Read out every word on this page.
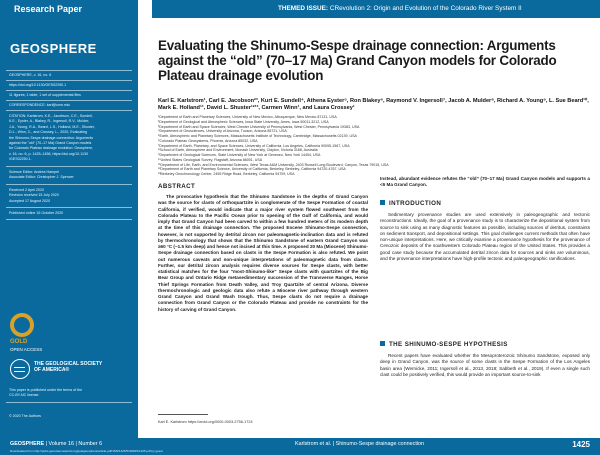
Research Paper	THEMED ISSUE: CRevolution 2: Origin and Evolution of the Colorado River System II
GEOSPHERE
GEOSPHERE, v. 16, no. 6
https://doi.org/10.1130/GES02250.1
11 figures; 1 table; 1 set of supplemental files
CORRESPONDENCE: karl@unm.edu
CITATION: Karlstrom, K.E., Jacobson, C.E., Sundell,
K.E., Eyster, A., Blakey, R., Ingersoll, R.V., Mulder,
J.A., Young, R.A., Beard, L.S., Holland, M.E., Shuster,
D.L., Winn, C., and Crossey, L., 2020, Evaluating
the Shinumo-Sespe drainage connection: Arguments
against the "old" (70–17 Ma) Grand Canyon models
for Colorado Plateau drainage evolution: Geosphere,
v. 16, no. 6, p. 1425–1456, https://doi.org/10.1130
/GES02250.1.
Science Editor: Andrea Hampel
Associate Editor: Christopher J. Spencer
Received 2 April 2020
Revision received 15 July 2020
Accepted 17 August 2020
Published online 15 October 2020
GOLD
OPEN ACCESS
THE GEOLOGICAL SOCIETY
OF AMERICA®
This paper is published under the terms of the
CC-BY-NC license.
© 2020 The Authors
Evaluating the Shinumo-Sespe drainage connection: Arguments against the “old” (70–17 Ma) Grand Canyon models for Colorado Plateau drainage evolution
Karl E. Karlstrom¹, Carl E. Jacobson²³, Kurt E. Sundell⁴, Athena Eyster⁵, Ron Blakey⁶, Raymond V. Ingersoll⁷, Jacob A. Mulder⁸, Richard A. Young⁹, L. Sue Beard¹⁰, Mark E. Holland¹¹, David L. Shuster¹²¹³, Carmen Winn¹, and Laura Crossey¹
¹Department of Earth and Planetary Sciences, University of New Mexico, Albuquerque, New Mexico 87131, USA
²Department of Geological and Atmospheric Sciences, Iowa State University, Ames, Iowa 50011-3212, USA
³Department of Earth and Space Sciences, West Chester University of Pennsylvania, West Chester, Pennsylvania 19383, USA
⁴Department of Geosciences, University of Arizona, Tucson, Arizona 85721, USA
⁵Earth, Atmospheric and Planetary Sciences, Massachusetts Institute of Technology, Cambridge, Massachusetts 02139, USA
⁶Colorado Plateau Geosystems, Phoenix, Arizona 85032, USA
⁷Department of Earth, Planetary, and Space Sciences, University of California, Los Angeles, California 90095-1567, USA
⁸School of Earth, Atmosphere and Environment, Monash University, Clayton, Victoria 3168, Australia
⁹Department of Geological Sciences, State University of New York at Geneseo, New York 14454, USA
¹⁰United States Geological Survey, Flagstaff, Arizona 86001, USA
¹¹Department of Life, Earth, and Environmental Sciences, West Texas A&M University, 2403 Russell Long Boulevard, Canyon, Texas 79015, USA
¹²Department of Earth and Planetary Science, University of California, Berkeley, Berkeley, California 94720-4767, USA
¹³Berkeley Geochronology Center, 2455 Ridge Road, Berkeley, California 94709, USA
ABSTRACT
The provocative hypothesis that the Shinumo Sandstone in the depths of Grand Canyon was the source for clasts of orthoquartzite in conglomerate of the Sespe Formation of coastal California, if verified, would indicate that a major river system flowed southwest from the Colorado Plateau to the Pacific Ocean prior to opening of the Gulf of California, and would imply that Grand Canyon had been carved to within a few hundred meters of its modern depth at the time of this drainage connection. The proposed Eocene Shinumo-Sespe connection, however, is not supported by detrital zircon nor paleomagnetic-inclination data and is refuted by thermochronology that shows that the Shinumo Sandstone of eastern Grand Canyon was ≥60 °C (~1.5 km deep) and hence not incised at this time. A proposed 20 Ma (Miocene) Shinumo-Sespe drainage connection based on clasts in the Sespe Formation is also refuted. We point out numerous caveats and non-unique interpretations of paleomagnetic data from clasts. Further, our detrital zircon analysis requires diverse sources for Sespe clasts, with better statistical matches for the four "most-Shinumo-like" Sespe clasts with quartzites of the Big Bear Group and Ontario Ridge metasedimentary succession of the Transverse Ranges, Horse Thief Springs Formation from Death Valley, and Troy Quartzite of central Arizona. Diverse thermochronologic and geologic data also refute a Miocene river pathway through western Grand Canyon and Grand Wash trough. Thus, Sespe clasts do not require a drainage connection from Grand Canyon or the Colorado Plateau and provide no constraints for the history of carving of Grand Canyon.
Karl E. Karlstrom https://orcid.org/0000-0003-2756-1724
Instead, abundant evidence refutes the “old” (70–17 Ma) Grand Canyon models and supports a <6 Ma Grand Canyon.
INTRODUCTION
Sedimentary provenance studies are used extensively in paleogeographic and tectonic reconstructions. Ideally, the goal of a provenance study is to characterize the depositional system from source to sink using as many diagnostic features as possible, including sources of detritus, constraints on sediment transport, and depositional settings. This goal challenges current methods that often have non-unique interpretations. Here, we critically examine a provenance hypothesis for the provenance of Cenozoic deposits of the southwestern Colorado Plateau region of the United States. This provides a good case study because the accumulated detrital zircon data for sources and sinks are voluminous, and the provenance interpretations have high-profile tectonic and paleogeographic ramifications.
THE SHINUMO-SESPE HYPOTHESIS
Recent papers have evaluated whether the Mesoproterozoic Shinumo Sandstone, exposed only deep in Grand Canyon, was the source of some clasts in the Sespe Formation of the Los Angeles basin area (Wernicke, 2011; Ingersoll et al., 2013, 2018; Sabbeth et al., 2019). If even a single such clast could be positively verified, this would provide an important source-to-sink
GEOSPHERE | Volume 16 | Number 6	Karlstrom et al. | Shinumo-Sespe drainage connection	1425
Downloaded from http://pubs.geoscienceworld.org/gsa/geosphere/article-pdf/16/6/1425/5194815/1425.pdf by guest
